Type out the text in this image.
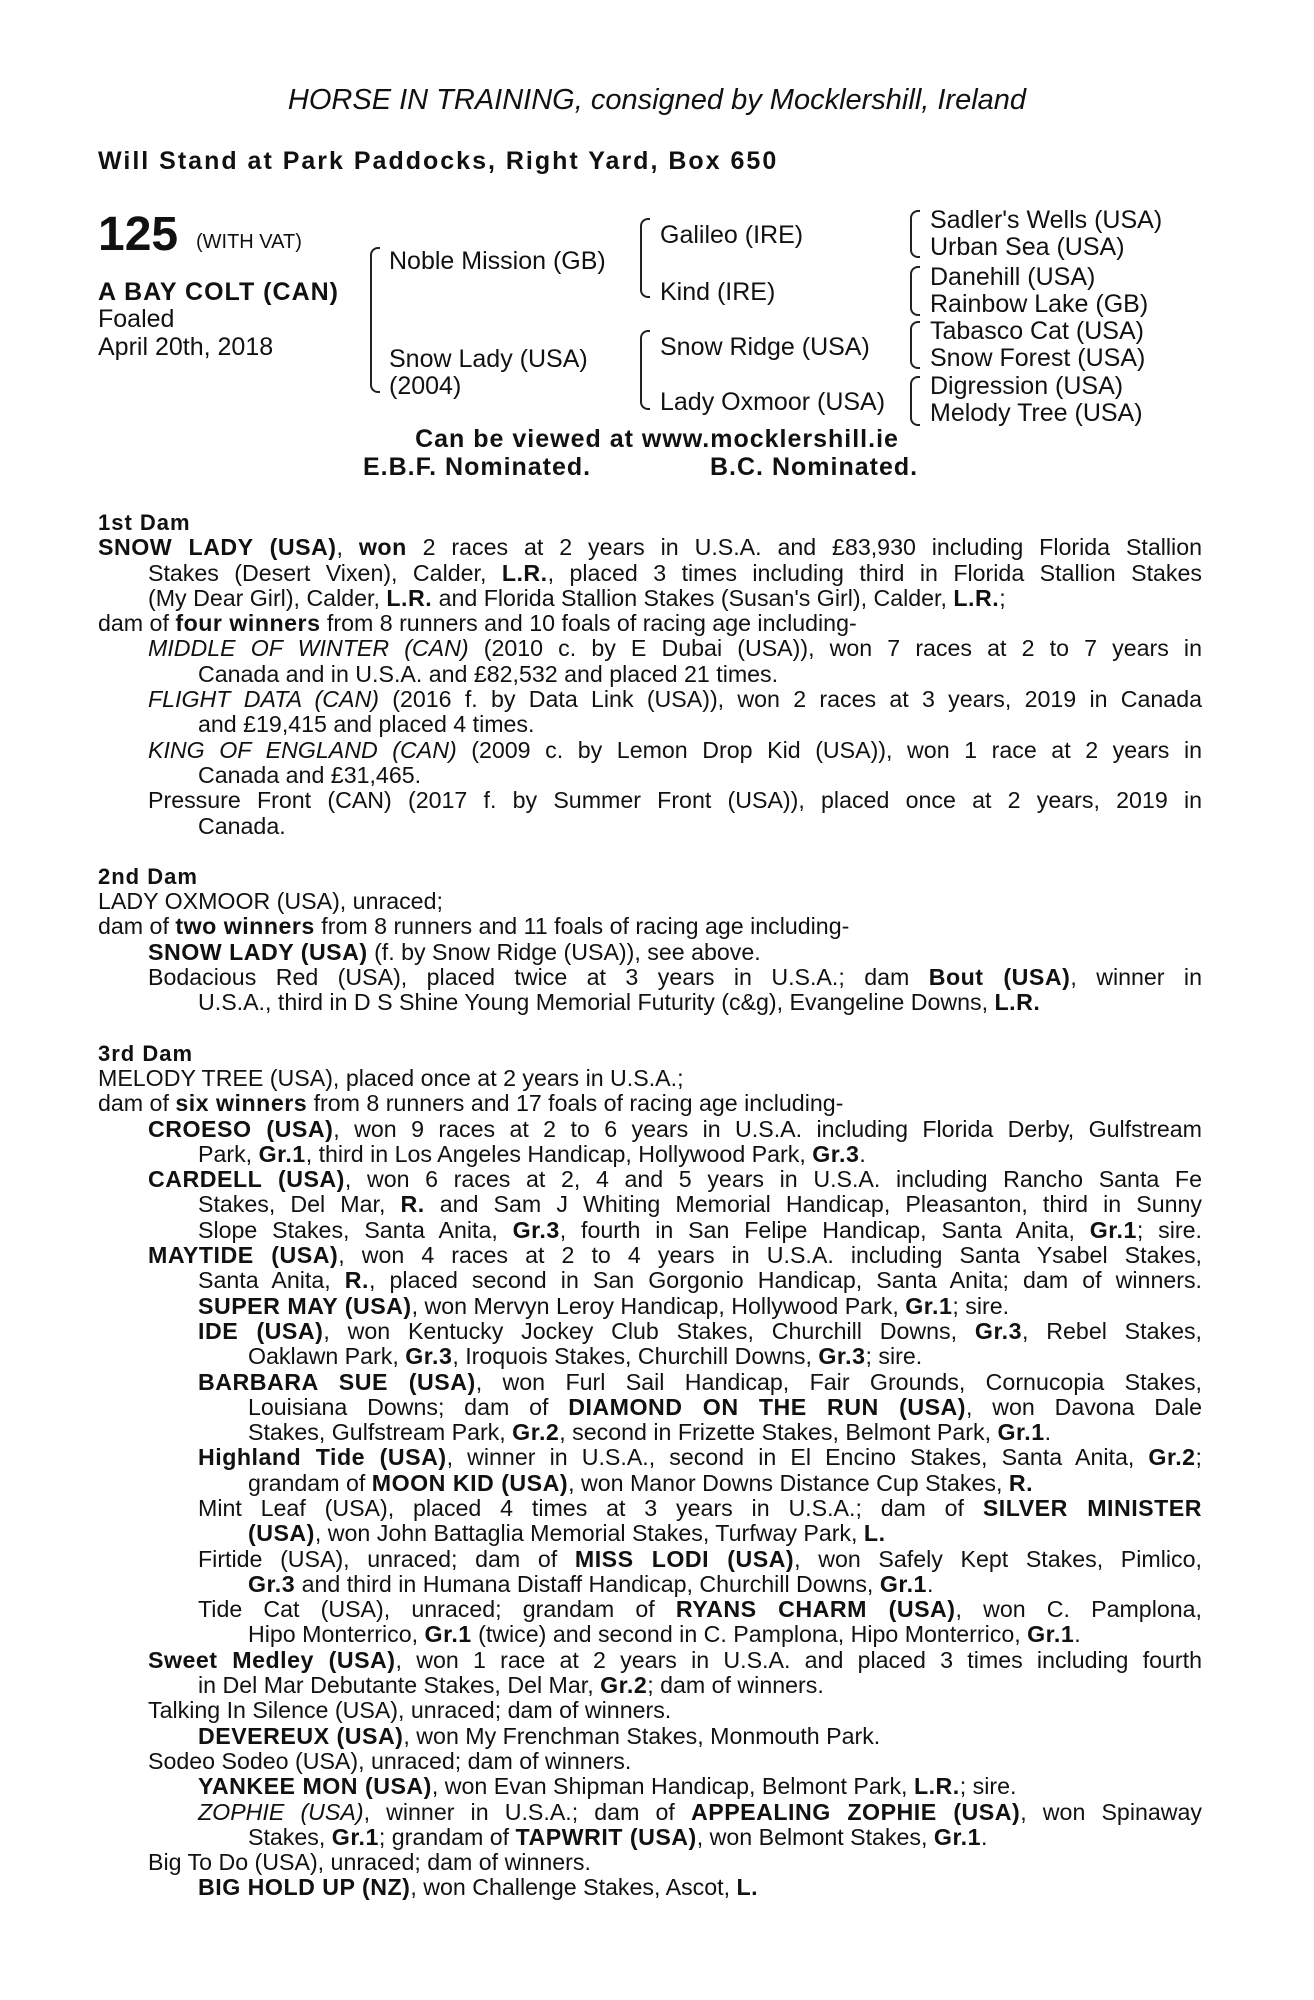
HORSE IN TRAINING, consigned by Mocklershill, Ireland
Will Stand at Park Paddocks, Right Yard, Box 650
125 (WITH VAT)
A BAY COLT (CAN)
Foaled
April 20th, 2018
Noble Mission (GB)
Snow Lady (USA)
(2004)
Galileo (IRE)
Kind (IRE)
Snow Ridge (USA)
Lady Oxmoor (USA)
Sadler's Wells (USA)
Urban Sea (USA)
Danehill (USA)
Rainbow Lake (GB)
Tabasco Cat (USA)
Snow Forest (USA)
Digression (USA)
Melody Tree (USA)
Can be viewed at www.mocklershill.ie
E.B.F. Nominated.	B.C. Nominated.
1st Dam
SNOW LADY (USA), won 2 races at 2 years in U.S.A. and £83,930 including Florida Stallion
Stakes (Desert Vixen), Calder, L.R., placed 3 times including third in Florida Stallion Stakes
(My Dear Girl), Calder, L.R. and Florida Stallion Stakes (Susan's Girl), Calder, L.R.;
dam of four winners from 8 runners and 10 foals of racing age including-
MIDDLE OF WINTER (CAN) (2010 c. by E Dubai (USA)), won 7 races at 2 to 7 years in
Canada and in U.S.A. and £82,532 and placed 21 times.
FLIGHT DATA (CAN) (2016 f. by Data Link (USA)), won 2 races at 3 years, 2019 in Canada
and £19,415 and placed 4 times.
KING OF ENGLAND (CAN) (2009 c. by Lemon Drop Kid (USA)), won 1 race at 2 years in
Canada and £31,465.
Pressure Front (CAN) (2017 f. by Summer Front (USA)), placed once at 2 years, 2019 in
Canada.
2nd Dam
LADY OXMOOR (USA), unraced;
dam of two winners from 8 runners and 11 foals of racing age including-
SNOW LADY (USA) (f. by Snow Ridge (USA)), see above.
Bodacious Red (USA), placed twice at 3 years in U.S.A.; dam Bout (USA), winner in
U.S.A., third in D S Shine Young Memorial Futurity (c&g), Evangeline Downs, L.R.
3rd Dam
MELODY TREE (USA), placed once at 2 years in U.S.A.;
dam of six winners from 8 runners and 17 foals of racing age including-
CROESO (USA), won 9 races at 2 to 6 years in U.S.A. including Florida Derby, Gulfstream
Park, Gr.1, third in Los Angeles Handicap, Hollywood Park, Gr.3.
CARDELL (USA), won 6 races at 2, 4 and 5 years in U.S.A. including Rancho Santa Fe
Stakes, Del Mar, R. and Sam J Whiting Memorial Handicap, Pleasanton, third in Sunny
Slope Stakes, Santa Anita, Gr.3, fourth in San Felipe Handicap, Santa Anita, Gr.1; sire.
MAYTIDE (USA), won 4 races at 2 to 4 years in U.S.A. including Santa Ysabel Stakes,
Santa Anita, R., placed second in San Gorgonio Handicap, Santa Anita; dam of winners.
SUPER MAY (USA), won Mervyn Leroy Handicap, Hollywood Park, Gr.1; sire.
IDE (USA), won Kentucky Jockey Club Stakes, Churchill Downs, Gr.3, Rebel Stakes,
Oaklawn Park, Gr.3, Iroquois Stakes, Churchill Downs, Gr.3; sire.
BARBARA SUE (USA), won Furl Sail Handicap, Fair Grounds, Cornucopia Stakes,
Louisiana Downs; dam of DIAMOND ON THE RUN (USA), won Davona Dale
Stakes, Gulfstream Park, Gr.2, second in Frizette Stakes, Belmont Park, Gr.1.
Highland Tide (USA), winner in U.S.A., second in El Encino Stakes, Santa Anita, Gr.2;
grandam of MOON KID (USA), won Manor Downs Distance Cup Stakes, R.
Mint Leaf (USA), placed 4 times at 3 years in U.S.A.; dam of SILVER MINISTER
(USA), won John Battaglia Memorial Stakes, Turfway Park, L.
Firtide (USA), unraced; dam of MISS LODI (USA), won Safely Kept Stakes, Pimlico,
Gr.3 and third in Humana Distaff Handicap, Churchill Downs, Gr.1.
Tide Cat (USA), unraced; grandam of RYANS CHARM (USA), won C. Pamplona,
Hipo Monterrico, Gr.1 (twice) and second in C. Pamplona, Hipo Monterrico, Gr.1.
Sweet Medley (USA), won 1 race at 2 years in U.S.A. and placed 3 times including fourth
in Del Mar Debutante Stakes, Del Mar, Gr.2; dam of winners.
Talking In Silence (USA), unraced; dam of winners.
DEVEREUX (USA), won My Frenchman Stakes, Monmouth Park.
Sodeo Sodeo (USA), unraced; dam of winners.
YANKEE MON (USA), won Evan Shipman Handicap, Belmont Park, L.R.; sire.
ZOPHIE (USA), winner in U.S.A.; dam of APPEALING ZOPHIE (USA), won Spinaway
Stakes, Gr.1; grandam of TAPWRIT (USA), won Belmont Stakes, Gr.1.
Big To Do (USA), unraced; dam of winners.
BIG HOLD UP (NZ), won Challenge Stakes, Ascot, L.
